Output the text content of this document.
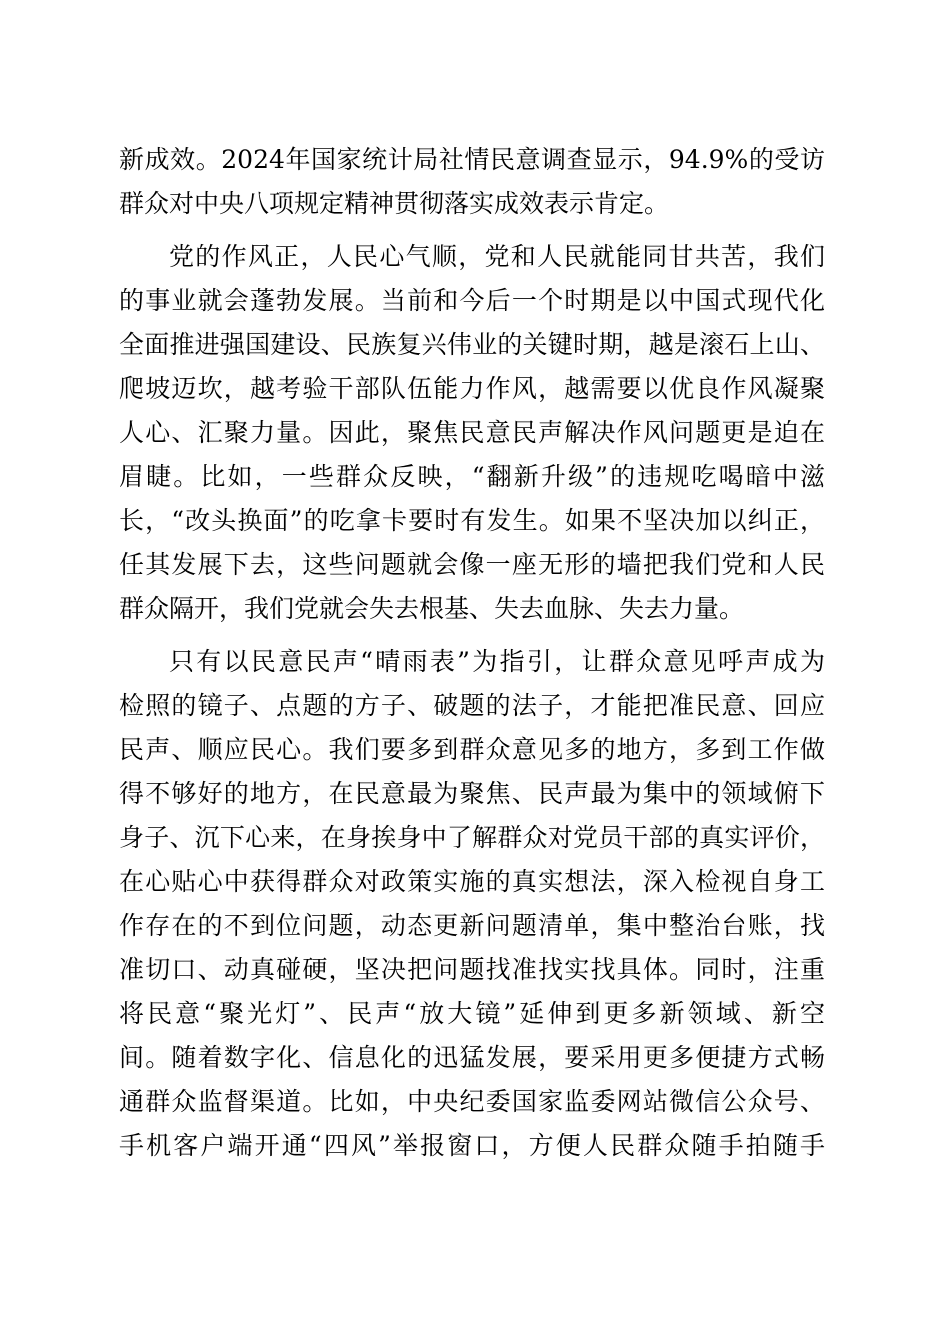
新成效。2024年国家统计局社情民意调查显示，94.9%的受访
群众对中央八项规定精神贯彻落实成效表示肯定。
党的作风正，人民心气顺，党和人民就能同甘共苦，我们
的事业就会蓬勃发展。当前和今后一个时期是以中国式现代化
全面推进强国建设、民族复兴伟业的关键时期，越是滚石上山、
爬坡迈坎，越考验干部队伍能力作风，越需要以优良作风凝聚
人心、汇聚力量。因此，聚焦民意民声解决作风问题更是迫在
眉睫。比如，一些群众反映，“翻新升级”的违规吃喝暗中滋
长，“改头换面”的吃拿卡要时有发生。如果不坚决加以纠正，
任其发展下去，这些问题就会像一座无形的墙把我们党和人民
群众隔开，我们党就会失去根基、失去血脉、失去力量。
只有以民意民声“晴雨表”为指引，让群众意见呼声成为
检照的镜子、点题的方子、破题的法子，才能把准民意、回应
民声、顺应民心。我们要多到群众意见多的地方，多到工作做
得不够好的地方，在民意最为聚焦、民声最为集中的领域俯下
身子、沉下心来，在身挨身中了解群众对党员干部的真实评价，
在心贴心中获得群众对政策实施的真实想法，深入检视自身工
作存在的不到位问题，动态更新问题清单，集中整治台账，找
准切口、动真碰硬，坚决把问题找准找实找具体。同时，注重
将民意“聚光灯”、民声“放大镜”延伸到更多新领域、新空
间。随着数字化、信息化的迅猛发展，要采用更多便捷方式畅
通群众监督渠道。比如，中央纪委国家监委网站微信公众号、
手机客户端开通“四风”举报窗口，方便人民群众随手拍随手
